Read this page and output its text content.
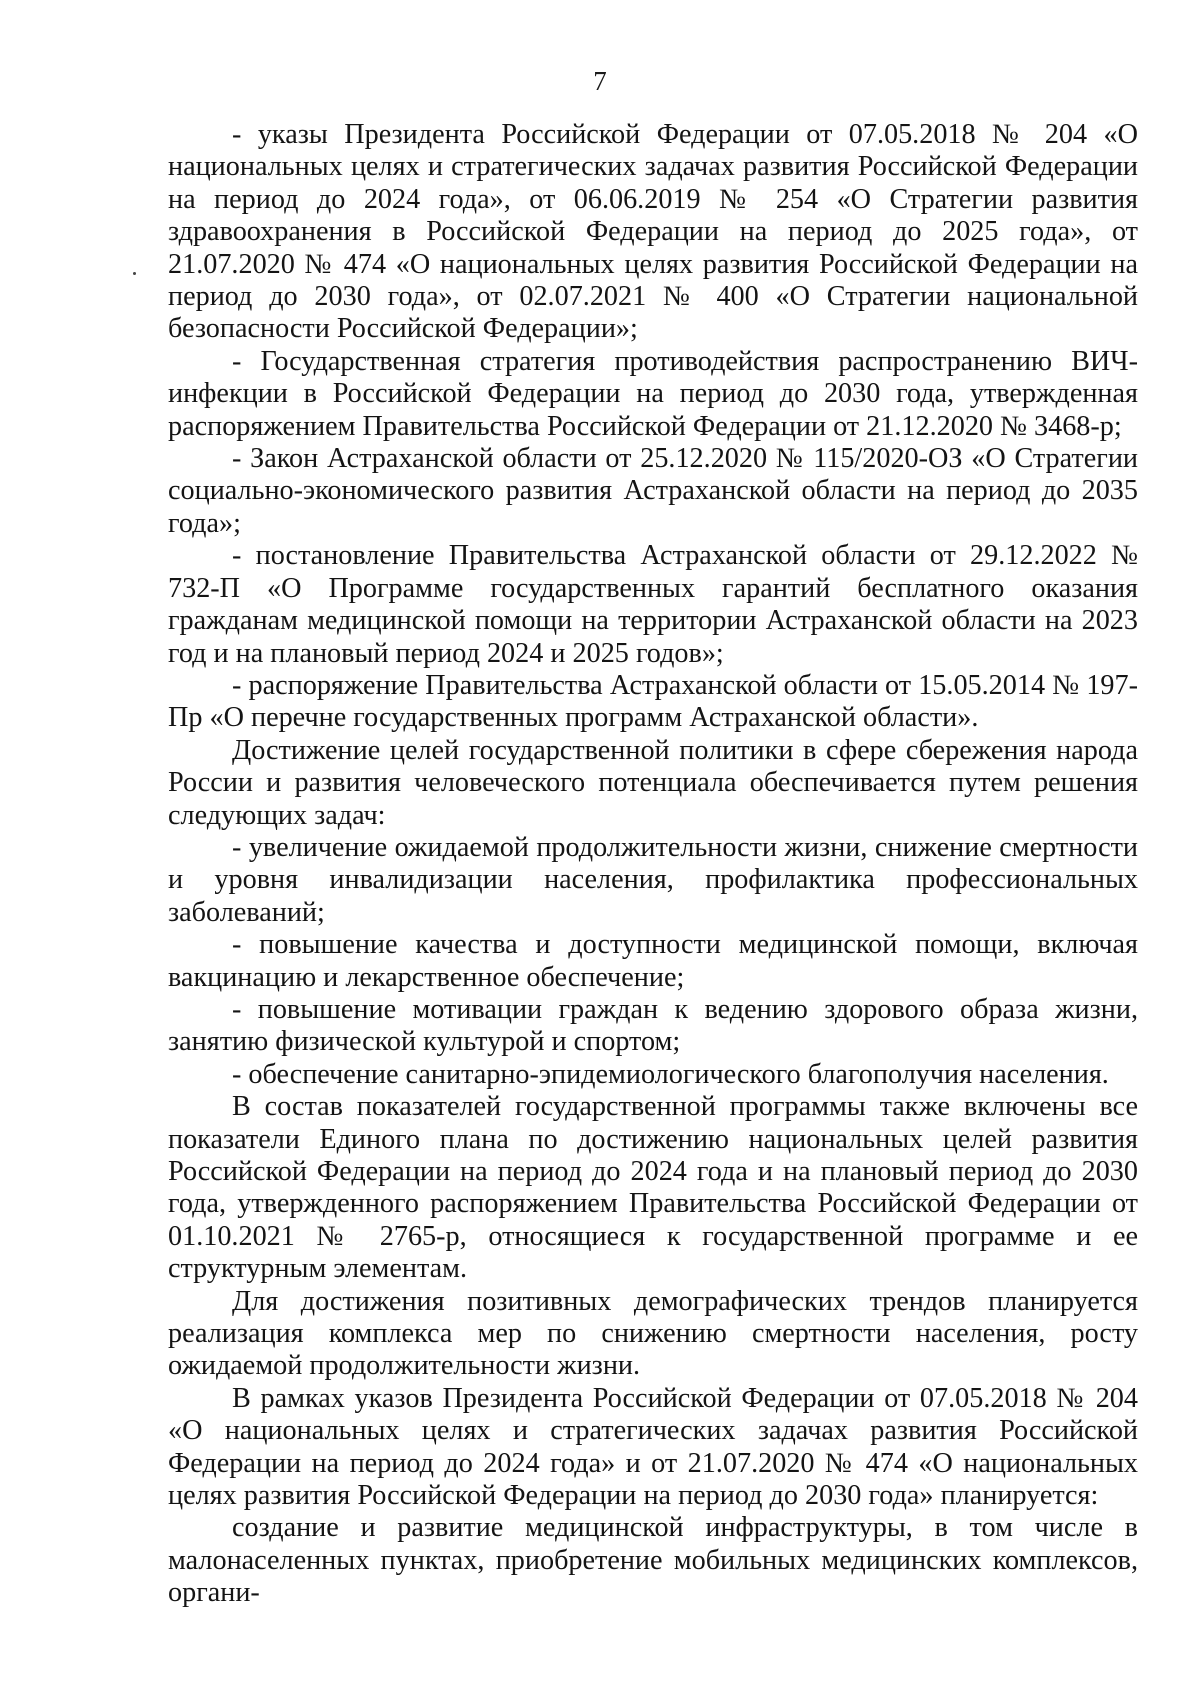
7

- указы Президента Российской Федерации от 07.05.2018 № 204 «О национальных целях и стратегических задачах развития Российской Федерации на период до 2024 года», от 06.06.2019 № 254 «О Стратегии развития здравоохранения в Российской Федерации на период до 2025 года», от 21.07.2020 № 474 «О национальных целях развития Российской Федерации на период до 2030 года», от 02.07.2021 № 400 «О Стратегии национальной безопасности Российской Федерации»;

- Государственная стратегия противодействия распространению ВИЧ-инфекции в Российской Федерации на период до 2030 года, утвержденная распоряжением Правительства Российской Федерации от 21.12.2020 № 3468-р;

- Закон Астраханской области от 25.12.2020 № 115/2020-ОЗ «О Стратегии социально-экономического развития Астраханской области на период до 2035 года»;

- постановление Правительства Астраханской области от 29.12.2022 № 732-П «О Программе государственных гарантий бесплатного оказания гражданам медицинской помощи на территории Астраханской области на 2023 год и на плановый период 2024 и 2025 годов»;

- распоряжение Правительства Астраханской области от 15.05.2014 № 197-Пр «О перечне государственных программ Астраханской области».

Достижение целей государственной политики в сфере сбережения народа России и развития человеческого потенциала обеспечивается путем решения следующих задач:

- увеличение ожидаемой продолжительности жизни, снижение смертности и уровня инвалидизации населения, профилактика профессиональных заболеваний;

- повышение качества и доступности медицинской помощи, включая вакцинацию и лекарственное обеспечение;

- повышение мотивации граждан к ведению здорового образа жизни, занятию физической культурой и спортом;

- обеспечение санитарно-эпидемиологического благополучия населения.

В состав показателей государственной программы также включены все показатели Единого плана по достижению национальных целей развития Российской Федерации на период до 2024 года и на плановый период до 2030 года, утвержденного распоряжением Правительства Российской Федерации от 01.10.2021 № 2765-р, относящиеся к государственной программе и ее структурным элементам.

Для достижения позитивных демографических трендов планируется реализация комплекса мер по снижению смертности населения, росту ожидаемой продолжительности жизни.

В рамках указов Президента Российской Федерации от 07.05.2018 № 204 «О национальных целях и стратегических задачах развития Российской Федерации на период до 2024 года» и от 21.07.2020 № 474 «О национальных целях развития Российской Федерации на период до 2030 года» планируется:

создание и развитие медицинской инфраструктуры, в том числе в малонаселенных пунктах, приобретение мобильных медицинских комплексов, органи-
